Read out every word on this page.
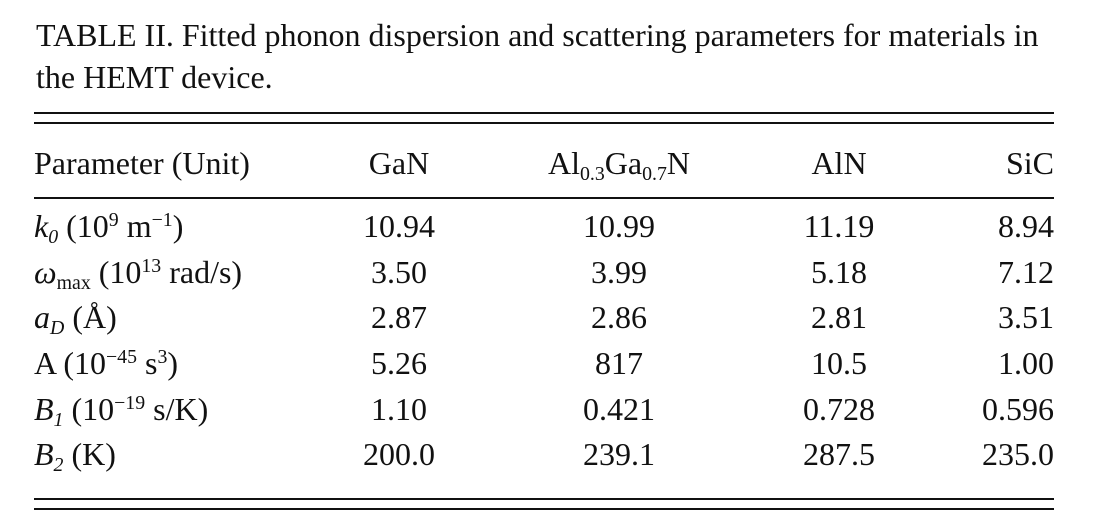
TABLE II. Fitted phonon dispersion and scattering parameters for materials in the HEMT device.
Parameter (Unit)	GaN	$Al_{0.3}Ga_{0.7}N$	AlN	SiC

$k_0$ ($10^9$ $m^{-1}$)	10.94	10.99	11.19	8.94
$\omega_{max}$ ($10^{13}$ rad/s)	3.50	3.99	5.18	7.12
$a_D$ (Å)	2.87	2.86	2.81	3.51
A ($10^{-45}$ $s^3$)	5.26	817	10.5	1.00
$B_1$ ($10^{-19}$ s/K)	1.10	0.421	0.728	0.596
$B_2$ (K)	200.0	239.1	287.5	235.0
